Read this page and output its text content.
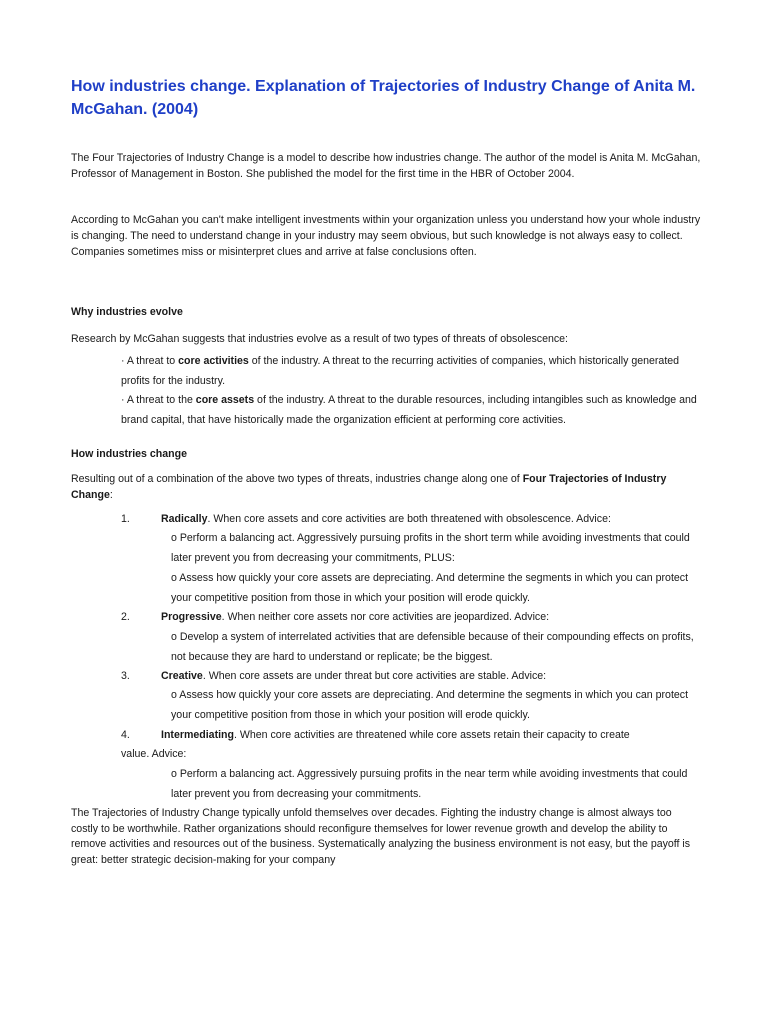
How industries change. Explanation of Trajectories of Industry Change of Anita M. McGahan. (2004)

The Four Trajectories of Industry Change is a model to describe how industries change. The author of the model is Anita M. McGahan, Professor of Management in Boston. She published the model for the first time in the HBR of October 2004.

According to McGahan you can't make intelligent investments within your organization unless you understand how your whole industry is changing. The need to understand change in your industry may seem obvious, but such knowledge is not always easy to collect. Companies sometimes miss or misinterpret clues and arrive at false conclusions often.

Why industries evolve

Research by McGahan suggests that industries evolve as a result of two types of threats of obsolescence:

· A threat to core activities of the industry. A threat to the recurring activities of companies, which historically generated profits for the industry.

· A threat to the core assets of the industry. A threat to the durable resources, including intangibles such as knowledge and brand capital, that have historically made the organization efficient at performing core activities.

How industries change

Resulting out of a combination of the above two types of threats, industries change along one of Four Trajectories of Industry Change:

1.	Radically. When core assets and core activities are both threatened with obsolescence. Advice:

o Perform a balancing act. Aggressively pursuing profits in the short term while avoiding investments that could later prevent you from decreasing your commitments, PLUS:

o Assess how quickly your core assets are depreciating. And determine the segments in which you can protect your competitive position from those in which your position will erode quickly.

2.	Progressive. When neither core assets nor core activities are jeopardized. Advice:

o Develop a system of interrelated activities that are defensible because of their compounding effects on profits, not because they are hard to understand or replicate; be the biggest.

3.	Creative. When core assets are under threat but core activities are stable. Advice:

o Assess how quickly your core assets are depreciating. And determine the segments in which you can protect your competitive position from those in which your position will erode quickly.

4.	Intermediating. When core activities are threatened while core assets retain their capacity to create
value. Advice:

o Perform a balancing act. Aggressively pursuing profits in the near term while avoiding investments that could later prevent you from decreasing your commitments.

The Trajectories of Industry Change typically unfold themselves over decades. Fighting the industry change is almost always too costly to be worthwhile. Rather organizations should reconfigure themselves for lower revenue growth and develop the ability to remove activities and resources out of the business. Systematically analyzing the business environment is not easy, but the payoff is great: better strategic decision-making for your company
